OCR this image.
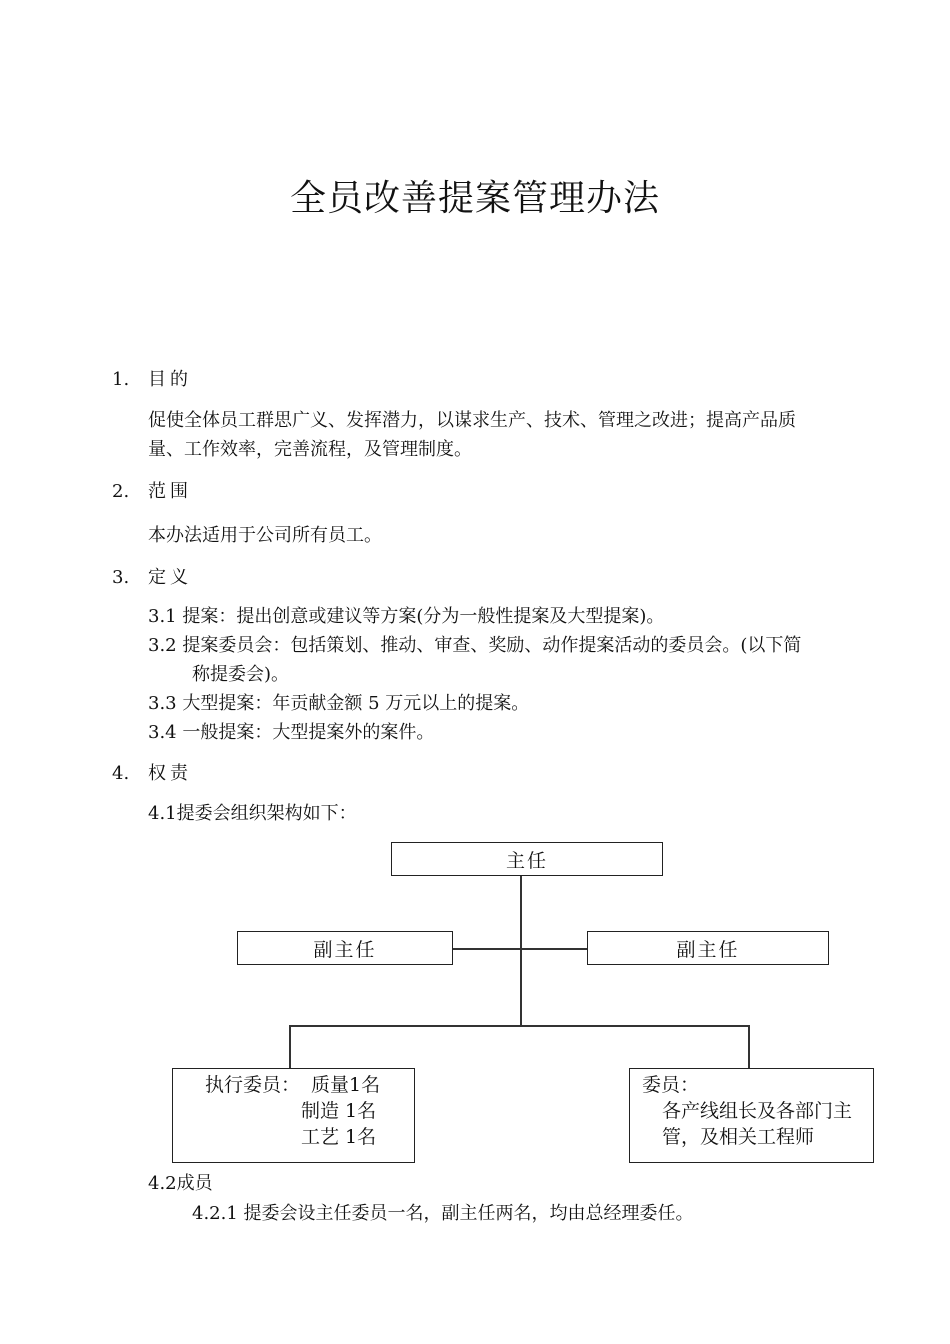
全员改善提案管理办法
1. 目的
促使全体员工群思广义、发挥潜力，以谋求生产、技术、管理之改进；提高产品质
量、工作效率，完善流程，及管理制度。
2. 范围
本办法适用于公司所有员工。
3. 定义
3.1 提案：提出创意或建议等方案(分为一般性提案及大型提案)。
3.2 提案委员会：包括策划、推动、审查、奖励、动作提案活动的委员会。(以下简
称提委会)。
3.3 大型提案：年贡献金额 5 万元以上的提案。
3.4 一般提案：大型提案外的案件。
4. 权责
4.1提委会组织架构如下：
主任
副主任	副主任
执行委员： 质量1名
制造 1名
工艺 1名
委员：
各产线组长及各部门主
管，及相关工程师
4.2成员
4.2.1 提委会设主任委员一名，副主任两名，均由总经理委任。
